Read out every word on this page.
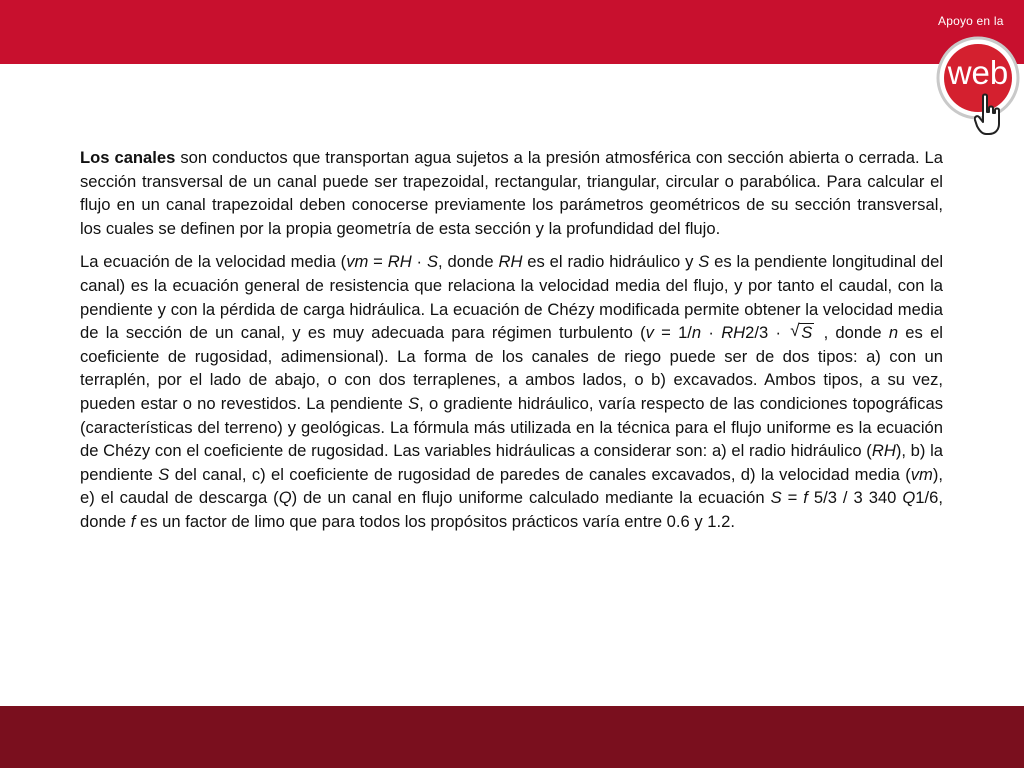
Apoyo en la
web

Los canales son conductos que transportan agua sujetos a la presión atmosférica con sección abierta o cerrada. La sección transversal de un canal puede ser trapezoidal, rectangular, triangular, circular o parabólica. Para calcular el flujo en un canal trapezoidal deben conocerse previamente los parámetros geométricos de su sección transversal, los cuales se definen por la propia geometría de esta sección y la profundidad del flujo.

La ecuación de la velocidad media (vm = RH · S, donde RH es el radio hidráulico y S es la pendiente longitudinal del canal) es la ecuación general de resistencia que relaciona la velocidad media del flujo, y por tanto el caudal, con la pendiente y con la pérdida de carga hidráulica. La ecuación de Chézy modificada permite obtener la velocidad media de la sección de un canal, y es muy adecuada para régimen turbulento (v = 1/n · RH2/3 · √ S , donde n es el coeficiente de rugosidad, adimensional). La forma de los canales de riego puede ser de dos tipos: a) con un terraplén, por el lado de abajo, o con dos terraplenes, a ambos lados, o b) excavados. Ambos tipos, a su vez, pueden estar o no revestidos. La pendiente S, o gradiente hidráulico, varía respecto de las condiciones topográficas (características del terreno) y geológicas. La fórmula más utilizada en la técnica para el flujo uniforme es la ecuación de Chézy con el coeficiente de rugosidad. Las variables hidráulicas a considerar son: a) el radio hidráulico (RH), b) la pendiente S del canal, c) el coeficiente de rugosidad de paredes de canales excavados, d) la velocidad media (vm), e) el caudal de descarga (Q) de un canal en flujo uniforme calculado mediante la ecuación S = f 5/3 / 3 340 Q1/6, donde f es un factor de limo que para todos los propósitos prácticos varía entre 0.6 y 1.2.
